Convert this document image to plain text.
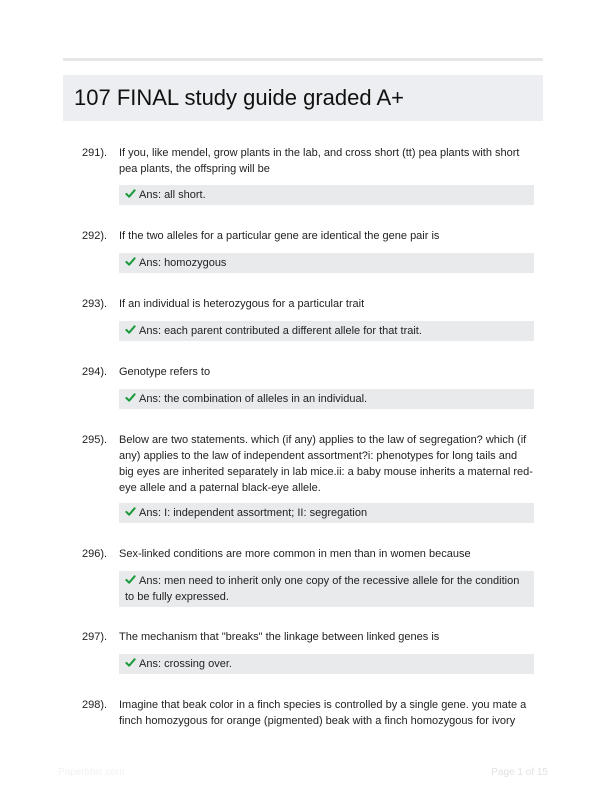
107 FINAL study guide graded A+
291). If you, like mendel, grow plants in the lab, and cross short (tt) pea plants with short pea plants, the offspring will be
Ans: all short.
292). If the two alleles for a particular gene are identical the gene pair is
Ans: homozygous
293). If an individual is heterozygous for a particular trait
Ans: each parent contributed a different allele for that trait.
294). Genotype refers to
Ans: the combination of alleles in an individual.
295). Below are two statements. which (if any) applies to the law of segregation? which (if any) applies to the law of independent assortment?i: phenotypes for long tails and big eyes are inherited separately in lab mice.ii: a baby mouse inherits a maternal red-eye allele and a paternal black-eye allele.
Ans: I: independent assortment; II: segregation
296). Sex-linked conditions are more common in men than in women because
Ans: men need to inherit only one copy of the recessive allele for the condition to be fully expressed.
297). The mechanism that "breaks" the linkage between linked genes is
Ans: crossing over.
298). Imagine that beak color in a finch species is controlled by a single gene. you mate a finch homozygous for orange (pigmented) beak with a finch homozygous for ivory
Paperbbic.com	Page 1 of 15
